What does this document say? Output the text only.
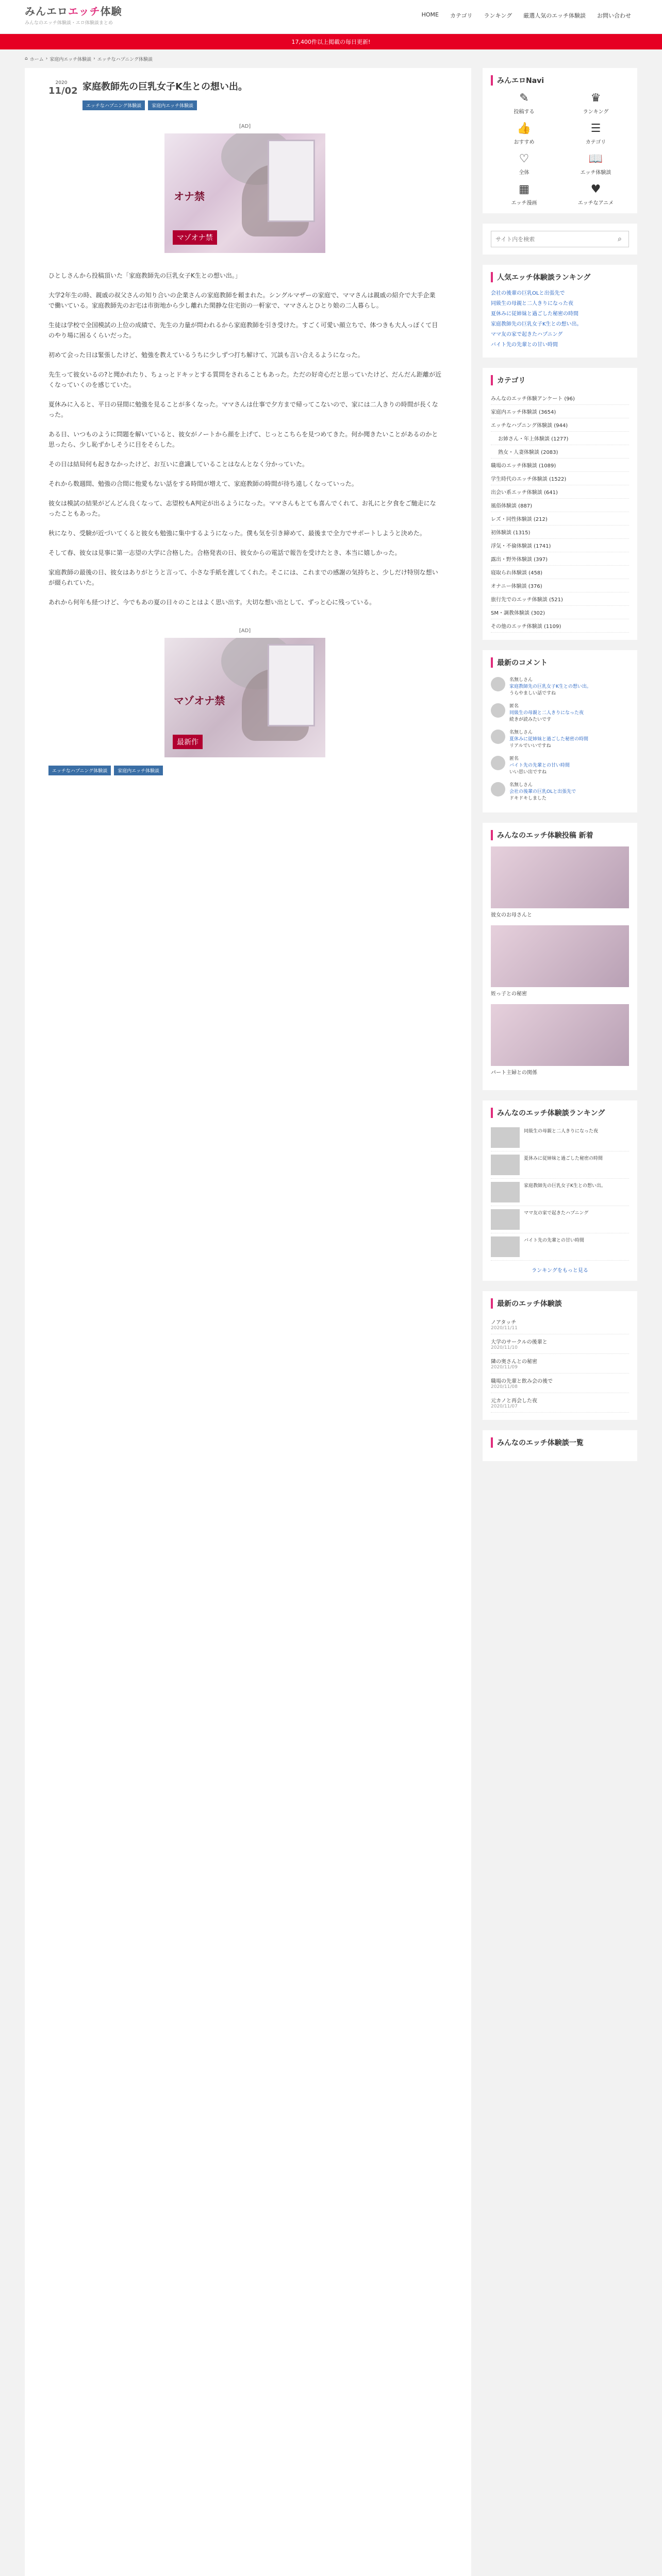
みんエロエッチ体験
みんなのエッチ体験談・エロ体験談まとめ
HOME カテゴリ ランキング 厳選人気のエッチ体験談 お問い合わせ
17,400件以上掲載の毎日更新!
⌂ ホーム › 家庭内エッチ体験談 › エッチなハプニング体験談
2020
11/02 家庭教師先の巨乳女子K生との想い出。
エッチなハプニング体験談	家庭内エッチ体験談
[AD]
オナ禁
マゾオナ禁

ひとしさんから投稿頂いた「家庭教師先の巨乳女子K生との想い出。」

大学2年生の時、親戚の叔父さんの知り合いの企業さんの家庭教師を頼まれた。シングルマザーの家庭で、ママさんは親戚の紹介で大手企業で働いている。家庭教師先のお宅は市街地から少し離れた閑静な住宅街の一軒家で、ママさんとひとり娘の二人暮らし。

生徒は学校で全国模試の上位の成績で、先生の力量が問われるから家庭教師を引き受けた。すごく可愛い顔立ちで、体つきも大人っぽくて目のやり場に困るくらいだった。

初めて会った日は緊張したけど、勉強を教えているうちに少しずつ打ち解けて、冗談も言い合えるようになった。

先生って彼女いるの?と聞かれたり、ちょっとドキッとする質問をされることもあった。ただの好奇心だと思っていたけど、だんだん距離が近くなっていくのを感じていた。

夏休みに入ると、平日の昼間に勉強を見ることが多くなった。ママさんは仕事で夕方まで帰ってこないので、家には二人きりの時間が長くなった。

ある日、いつものように問題を解いていると、彼女がノートから顔を上げて、じっとこちらを見つめてきた。何か聞きたいことがあるのかと思ったら、少し恥ずかしそうに目をそらした。

その日は結局何も起きなかったけど、お互いに意識していることはなんとなく分かっていた。

それから数週間、勉強の合間に他愛もない話をする時間が増えて、家庭教師の時間が待ち遠しくなっていった。

彼女は模試の結果がどんどん良くなって、志望校もA判定が出るようになった。ママさんもとても喜んでくれて、お礼にと夕食をご馳走になったこともあった。

秋になり、受験が近づいてくると彼女も勉強に集中するようになった。僕も気を引き締めて、最後まで全力でサポートしようと決めた。

そして春、彼女は見事に第一志望の大学に合格した。合格発表の日、彼女からの電話で報告を受けたとき、本当に嬉しかった。

家庭教師の最後の日、彼女はありがとうと言って、小さな手紙を渡してくれた。そこには、これまでの感謝の気持ちと、少しだけ特別な想いが綴られていた。

あれから何年も経つけど、今でもあの夏の日々のことはよく思い出す。大切な想い出として、ずっと心に残っている。

[AD]
マゾオナ禁
最新作
エッチなハプニング体験談	家庭内エッチ体験談
みんエロNavi
✎
投稿する
♛
ランキング
👍
おすすめ
☰
カテゴリ
♡
全体
📖
エッチ体験談
▦
エッチ漫画
♥
エッチなアニメ
サイト内を検索
⌕
人気エッチ体験談ランキング
会社の後輩の巨乳OLと出張先で
同級生の母親と二人きりになった夜
夏休みに従姉妹と過ごした秘密の時間
家庭教師先の巨乳女子K生との想い出。
ママ友の家で起きたハプニング
バイト先の先輩との甘い時間
カテゴリ
みんなのエッチ体験アンケート (96)
家庭内エッチ体験談 (3654)
エッチなハプニング体験談 (944)
お姉さん・年上体験談 (1277)
熟女・人妻体験談 (2083)
職場のエッチ体験談 (1089)
学生時代のエッチ体験談 (1522)
出会い系エッチ体験談 (641)
風俗体験談 (887)
レズ・同性体験談 (212)
初体験談 (1315)
浮気・不倫体験談 (1741)
露出・野外体験談 (397)
寝取られ体験談 (458)
オナニー体験談 (376)
旅行先でのエッチ体験談 (521)
SM・調教体験談 (302)
その他のエッチ体験談 (1109)
最新のコメント
名無しさん
家庭教師先の巨乳女子K生との想い出。
うらやましい話ですね
匿名
同級生の母親と二人きりになった夜
続きが読みたいです
名無しさん
夏休みに従姉妹と過ごした秘密の時間
リアルでいいですね
匿名
バイト先の先輩との甘い時間
いい思い出ですね
名無しさん
会社の後輩の巨乳OLと出張先で
ドキドキしました
みんなのエッチ体験投稿 新着
彼女のお母さんと
姪っ子との秘密
パート主婦との関係
みんなのエッチ体験談ランキング
同級生の母親と二人きりになった夜
夏休みに従姉妹と過ごした秘密の時間
家庭教師先の巨乳女子K生との想い出。
ママ友の家で起きたハプニング
バイト先の先輩との甘い時間
ランキングをもっと見る
最新のエッチ体験談
ノアタッチ
2020/11/11
大学のサークルの後輩と
2020/11/10
隣の奥さんとの秘密
2020/11/09
職場の先輩と飲み会の後で
2020/11/08
元カノと再会した夜
2020/11/07
みんなのエッチ体験談一覧
